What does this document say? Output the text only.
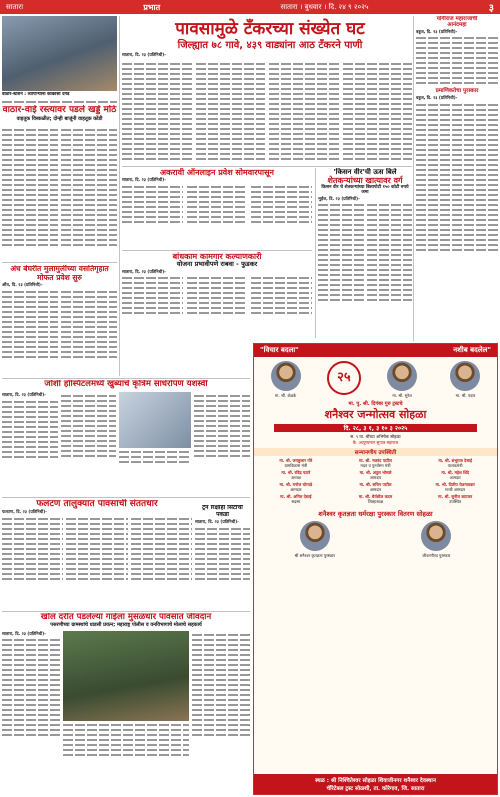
सातारा	प्रभात	सातारा । बुधवार । दि. २४ ९ २०२५	३
पावसामुळे टँकरच्या संख्येत घट
जिल्ह्यात ७८ गावे, ४३९ वाड्यांना आठ टँकरने पाणी
वाठार-स्टेशन : व्यापाऱ्यांना काकासो दगडे
वाठार-वाई रस्त्यावर पडले खड्डे मोठे
वाहतूक विस्कळीत; दोन्ही बाजूंनी वाहतूक कोंडी
सातारा, दि. २३ (प्रतिनिधी)-
योगीराज महाराजांची
आनंदमहा
वडूज, दि. २३ (प्रतिनिधी)-
प्रमाणिकतेचा पुरस्कार
वडूज, दि. २३ (प्रतिनिधी)-
अंध बेघरीत मुलामुलींच्या वसतिगृहात मोफत प्रवेश सुरु
औंध, दि. २३ (प्रतिनिधी)-
अकरावी ऑनलाइन प्रवेश सोमवारपासून
सातारा, दि. २३ (प्रतिनिधी)-
'किसन वीर'ची ऊस बिले
शेतकऱ्यांच्या खात्यावर वर्ग
किसन वीर चे शेतकऱ्यांच्या बिलापोटी १५० कोटी रुपये जमा
भुईंज, दि. २३ (प्रतिनिधी)-
बांधकाम कामगार कल्याणकारी
योजना प्रभावीपणे राबवा - फुडकर
सातारा, दि. २३ (प्रतिनिधी)-
जोशी हॉस्पिटलमध्ये खुब्याचे कृत्रिम सांधेरोपण यशस्वी
सातारा, दि. २३ (प्रतिनिधी)-
फलटण तालुक्यात पावसाची संततधार
फलटण, दि. २३ (प्रतिनिधी)-
ट्रेन रिक्षाही सिटीची पकडा
सातारा, दि. २३ (प्रतिनिधी)-
खोल दरीत पडलेल्या गाईला मुसळधार पावसात जीवदान
पसरणीच्या ग्रामस्थांचे धाडसी प्रयत्न; महाराष्ट्र पोलीस व वनविभागाचे मोलाचे सहकार्य
सातारा, दि. २३ (प्रतिनिधी)-
"विचार बदला"	नशीब बदलेल"
मा. श्री. शेळके
२५
मा. श्री. सुरेश	मा. श्री. पवार
मा. पु. श्री. दिगंबर गुरु ट्रस्टचे
शनैश्वर जन्मोत्सव सोहळा
दि. २८, ३ १, ३ १० ३ २०२५
स. ९ वा. श्रींच्या अभिषेक सोहळा
कै. आयुष्यमान सुपात्र महाराज
सन्मानणीय उपस्थिती
मा. श्री. जयकुमार गोरे
ग्रामविकास मंत्री
मा. श्री. मकरंद पाटील
मदत व पुनर्वसन मंत्री
मा. श्री. शंभूराज देसाई
पालकमंत्री
मा. श्री. रविंद्र पठारे
अध्यक्ष
मा. श्री. अतुल भोसले
आमदार
मा. श्री. महेश शिंदे
आमदार
मा. श्री. मनोज घोरपडे
आमदार
मा. श्री. सचिन पाटील
आमदार
मा. श्री. दिलीप येळगावकर
माजी आमदार
मा. श्री. अनिल देसाई
सदस्य
मा. श्री. धैर्यशील कदम
जिल्हाध्यक्ष
मा. श्री. सुनील काटकर
उपस्थित
शनैश्वर कृतज्ञता धर्मरक्षा पुरस्कार वितरण सोहळा
श्री शनैश्वर कृतज्ञता पुरस्कार	जीवनगौरव पुरस्कार
स्थळ : श्री निश्चितेश्वर सोहळा शिवाजीनगर शनैश्वर देवस्थान
चॅरिटेबल ट्रस्ट सोळशी, ता. कोरेगाव, जि. सातारा
